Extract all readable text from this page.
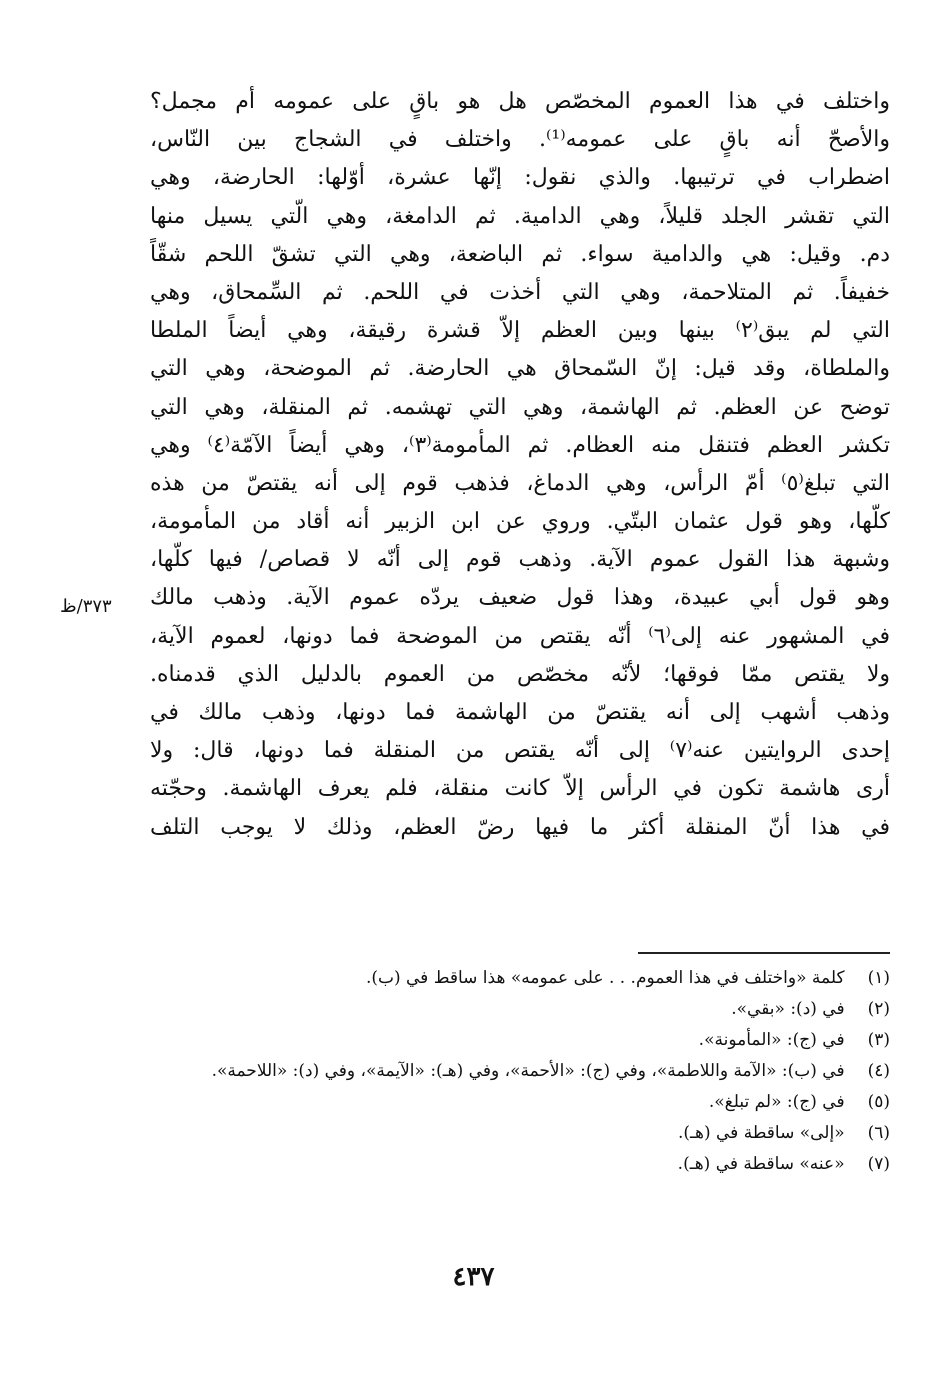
واختلف في هذا العموم المخصّص هل هو باقٍ على عمومه أم مجمل؟
والأصحّ أنه باقٍ على عمومه⁽¹⁾. واختلف في الشجاج بين النّاس،
اضطراب في ترتيبها. والذي نقول: إنّها عشرة، أوّلها: الحارضة، وهي
التي تقشر الجلد قليلاً، وهي الدامية. ثم الدامغة، وهي الّتي يسيل منها
دم. وقيل: هي والدامية سواء. ثم الباضعة، وهي التي تشقّ اللحم شقّاً
خفيفاً. ثم المتلاحمة، وهي التي أخذت في اللحم. ثم السِّمحاق، وهي
التي لم يبق⁽٢⁾ بينها وبين العظم إلاّ قشرة رقيقة، وهي أيضاً الملطا
والملطاة، وقد قيل: إنّ السّمحاق هي الحارضة. ثم الموضحة، وهي التي
توضح عن العظم. ثم الهاشمة، وهي التي تهشمه. ثم المنقلة، وهي التي
تكشر العظم فتنقل منه العظام. ثم المأمومة⁽٣⁾، وهي أيضاً الآمّة⁽٤⁾ وهي
التي تبلغ⁽٥⁾ أمّ الرأس، وهي الدماغ، فذهب قوم إلى أنه يقتصّ من هذه
كلّها، وهو قول عثمان البتّي. وروي عن ابن الزبير أنه أقاد من المأمومة،
وشبهة هذا القول عموم الآية. وذهب قوم إلى أنّه لا قصاص/ فيها كلّها،
وهو قول أبي عبيدة، وهذا قول ضعيف يردّه عموم الآية. وذهب مالك
في المشهور عنه إلى⁽٦⁾ أنّه يقتص من الموضحة فما دونها، لعموم الآية،
ولا يقتص ممّا فوقها؛ لأنّه مخصّص من العموم بالدليل الذي قدمناه.
وذهب أشهب إلى أنه يقتصّ من الهاشمة فما دونها، وذهب مالك في
إحدى الروايتين عنه⁽٧⁾ إلى أنّه يقتص من المنقلة فما دونها، قال: ولا
أرى هاشمة تكون في الرأس إلاّ كانت منقلة، فلم يعرف الهاشمة. وحجّته
في هذا أنّ المنقلة أكثر ما فيها رضّ العظم، وذلك لا يوجب التلف
٣٧٣/ظ
(١) كلمة «واختلف في هذا العموم. . . على عمومه» هذا ساقط في (ب).
(٢) في (د): «بقي».
(٣) في (ج): «المأمونة».
(٤) في (ب): «الآمة واللاطمة»، وفي (ج): «الأحمة»، وفي (هـ): «الآيمة»، وفي (د): «اللاحمة».
(٥) في (ج): «لم تبلغ».
(٦) «إلى» ساقطة في (هـ).
(٧) «عنه» ساقطة في (هـ).
٤٣٧
